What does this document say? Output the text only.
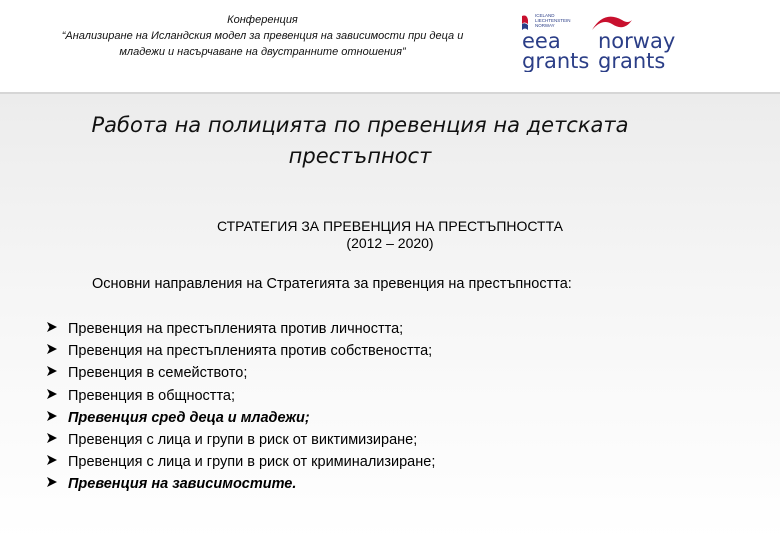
Конференция
“Анализиране на Исландския модел за превенция на зависимости при деца и
младежи и насърчаване на двустранните отношения”
ICELAND
LIECHTENSTEIN
NORWAY
eea
grants
norway
grants
Работа на полицията по превенция на детската
престъпност
СТРАТЕГИЯ ЗА ПРЕВЕНЦИЯ НА ПРЕСТЪПНОСТТА
(2012 – 2020)
Основни направления на Стратегията за превенция на престъпността:
Превенция на престъпленията против личността;
Превенция на престъпленията против собствеността;
Превенция в семейството;
Превенция в общността;
Превенция сред деца и младежи;
Превенция с лица и групи в риск от виктимизиране;
Превенция с лица и групи в риск от криминализиране;
Превенция на зависимостите.
